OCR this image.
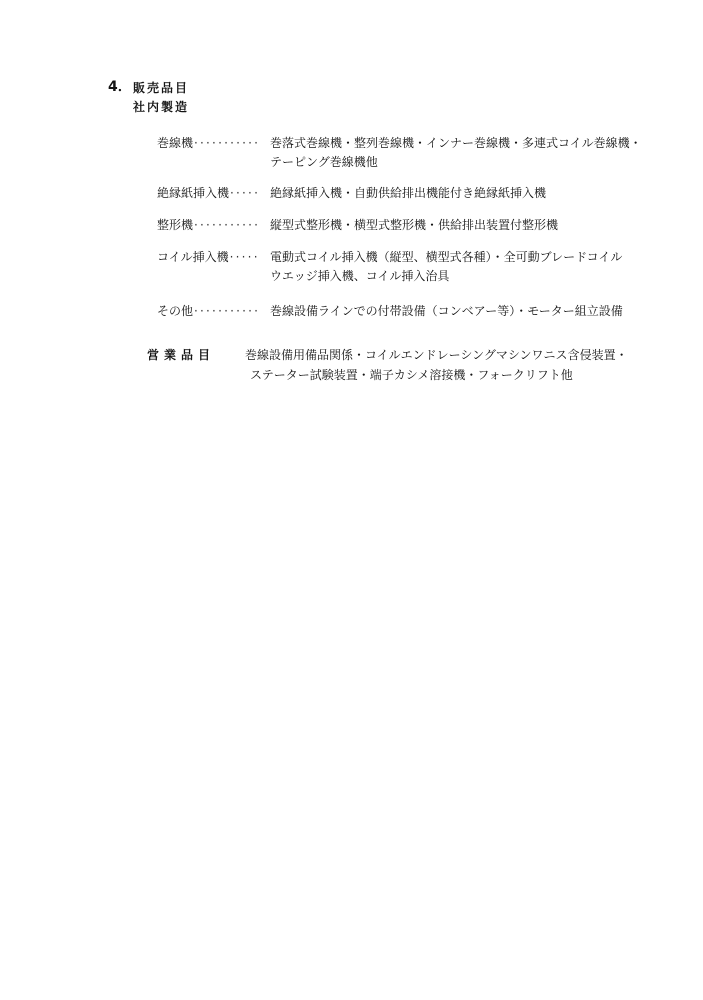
4． 販売品目
社内製造
巻線機··········· 巻落式巻線機・整列巻線機・インナー巻線機・多連式コイル巻線機・
テーピング巻線機他
絶縁紙挿入機····· 絶縁紙挿入機・自動供給排出機能付き絶縁紙挿入機
整形機··········· 縦型式整形機・横型式整形機・供給排出装置付整形機
コイル挿入機····· 電動式コイル挿入機（縦型、横型式各種）・全可動ブレードコイル
ウエッジ挿入機、コイル挿入治具
その他··········· 巻線設備ラインでの付帯設備（コンベアー等）・モーター組立設備
営業品目 巻線設備用備品関係・コイルエンドレーシングマシンワニス含侵装置・
ステーター試験装置・端子カシメ溶接機・フォークリフト他
